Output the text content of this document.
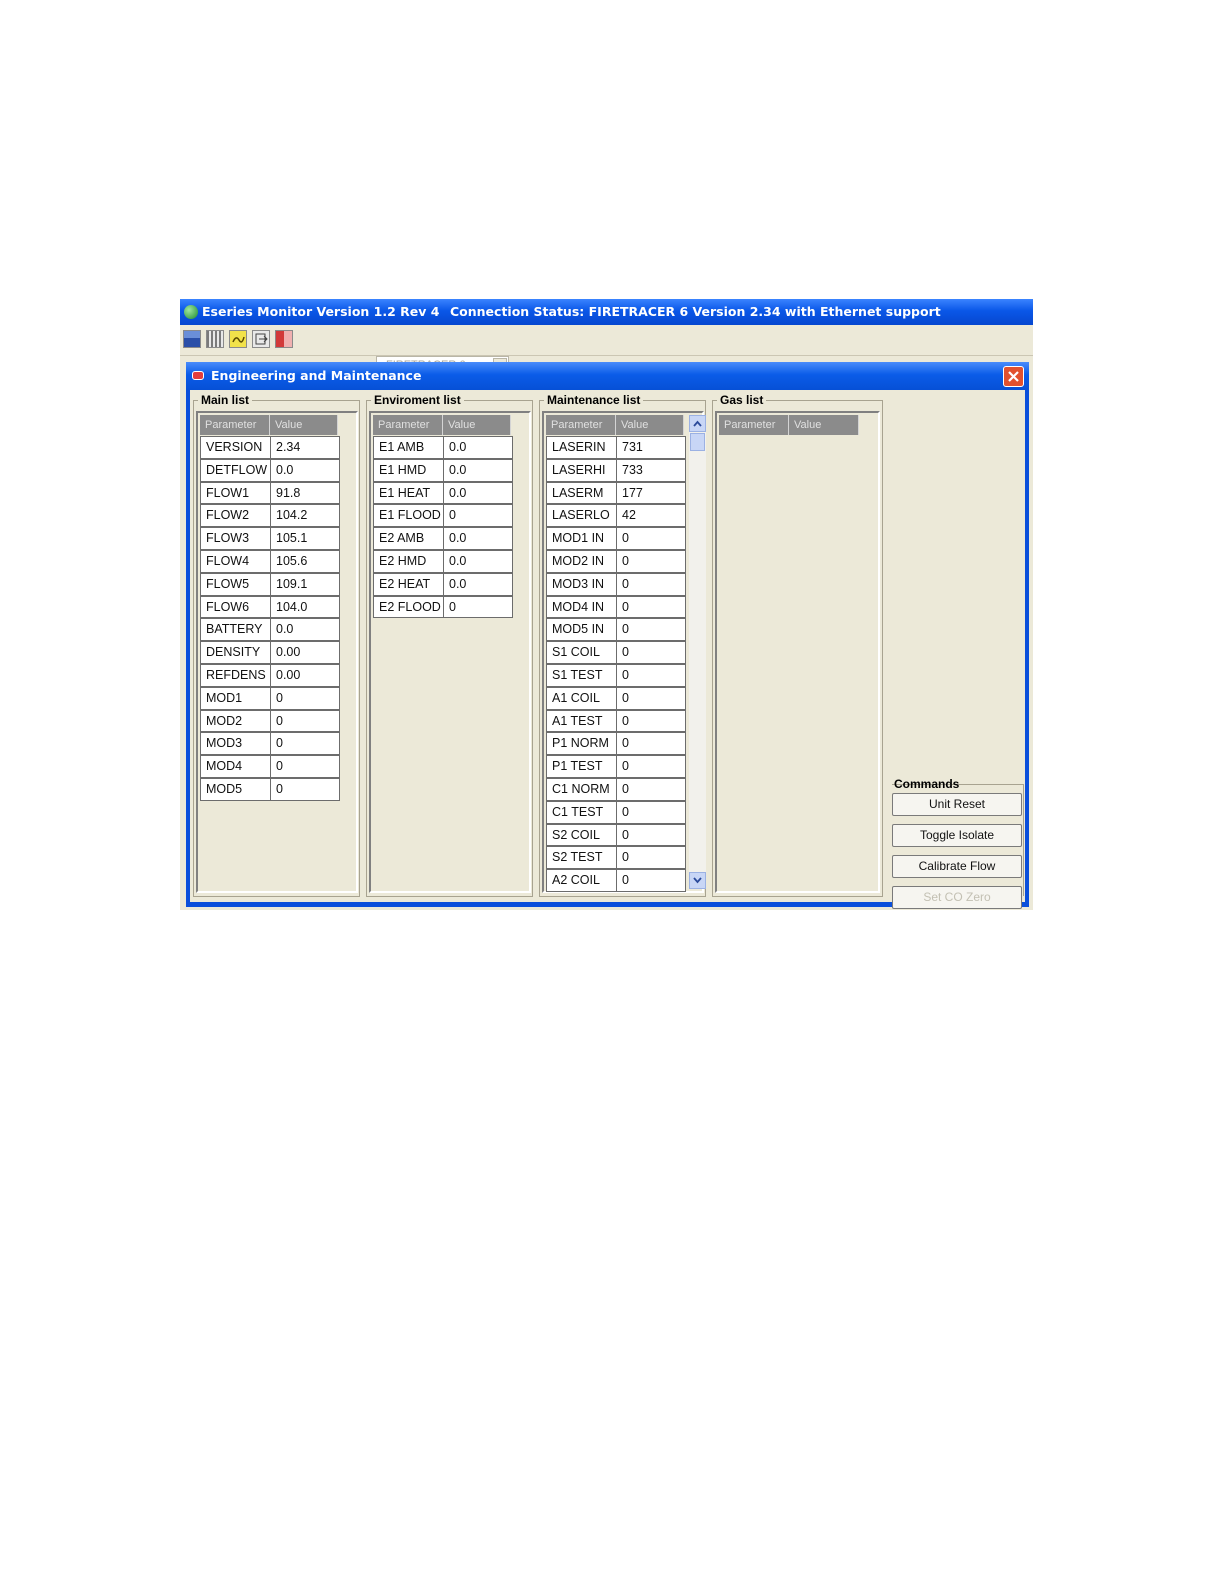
Eseries Monitor Version 1.2 Rev 4 Connection Status: FIRETRACER 6 Version 2.34 with Ethernet support
Engineering and Maintenance
Main list
Parameter	Value
VERSION	2.34
DETFLOW 0.0
FLOW1	91.8
FLOW2	104.2
FLOW3	105.1
FLOW4	105.6
FLOW5	109.1
FLOW6	104.0
BATTERY	0.0
DENSITY	0.00
REFDENS 0.00
MOD1	0
MOD2	0
MOD3	0
MOD4	0
MOD5	0
Enviroment list
Parameter	Value
E1 AMB	0.0
E1 HMD	0.0
E1 HEAT	0.0
E1 FLOOD 0
E2 AMB	0.0
E2 HMD	0.0
E2 HEAT	0.0
E2 FLOOD 0
Maintenance list
Parameter	Value
LASERIN	731
LASERHI	733
LASERM	177
LASERLO 42
MOD1 IN	0
MOD2 IN	0
MOD3 IN	0
MOD4 IN	0
MOD5 IN	0
S1 COIL	0
S1 TEST	0
A1 COIL	0
A1 TEST	0
P1 NORM	0
P1 TEST	0
C1 NORM 0
C1 TEST	0
S2 COIL	0
S2 TEST	0
A2 COIL	0
Gas list
Parameter	Value
Commands
Unit Reset
Toggle Isolate
Calibrate Flow
Set CO Zero
